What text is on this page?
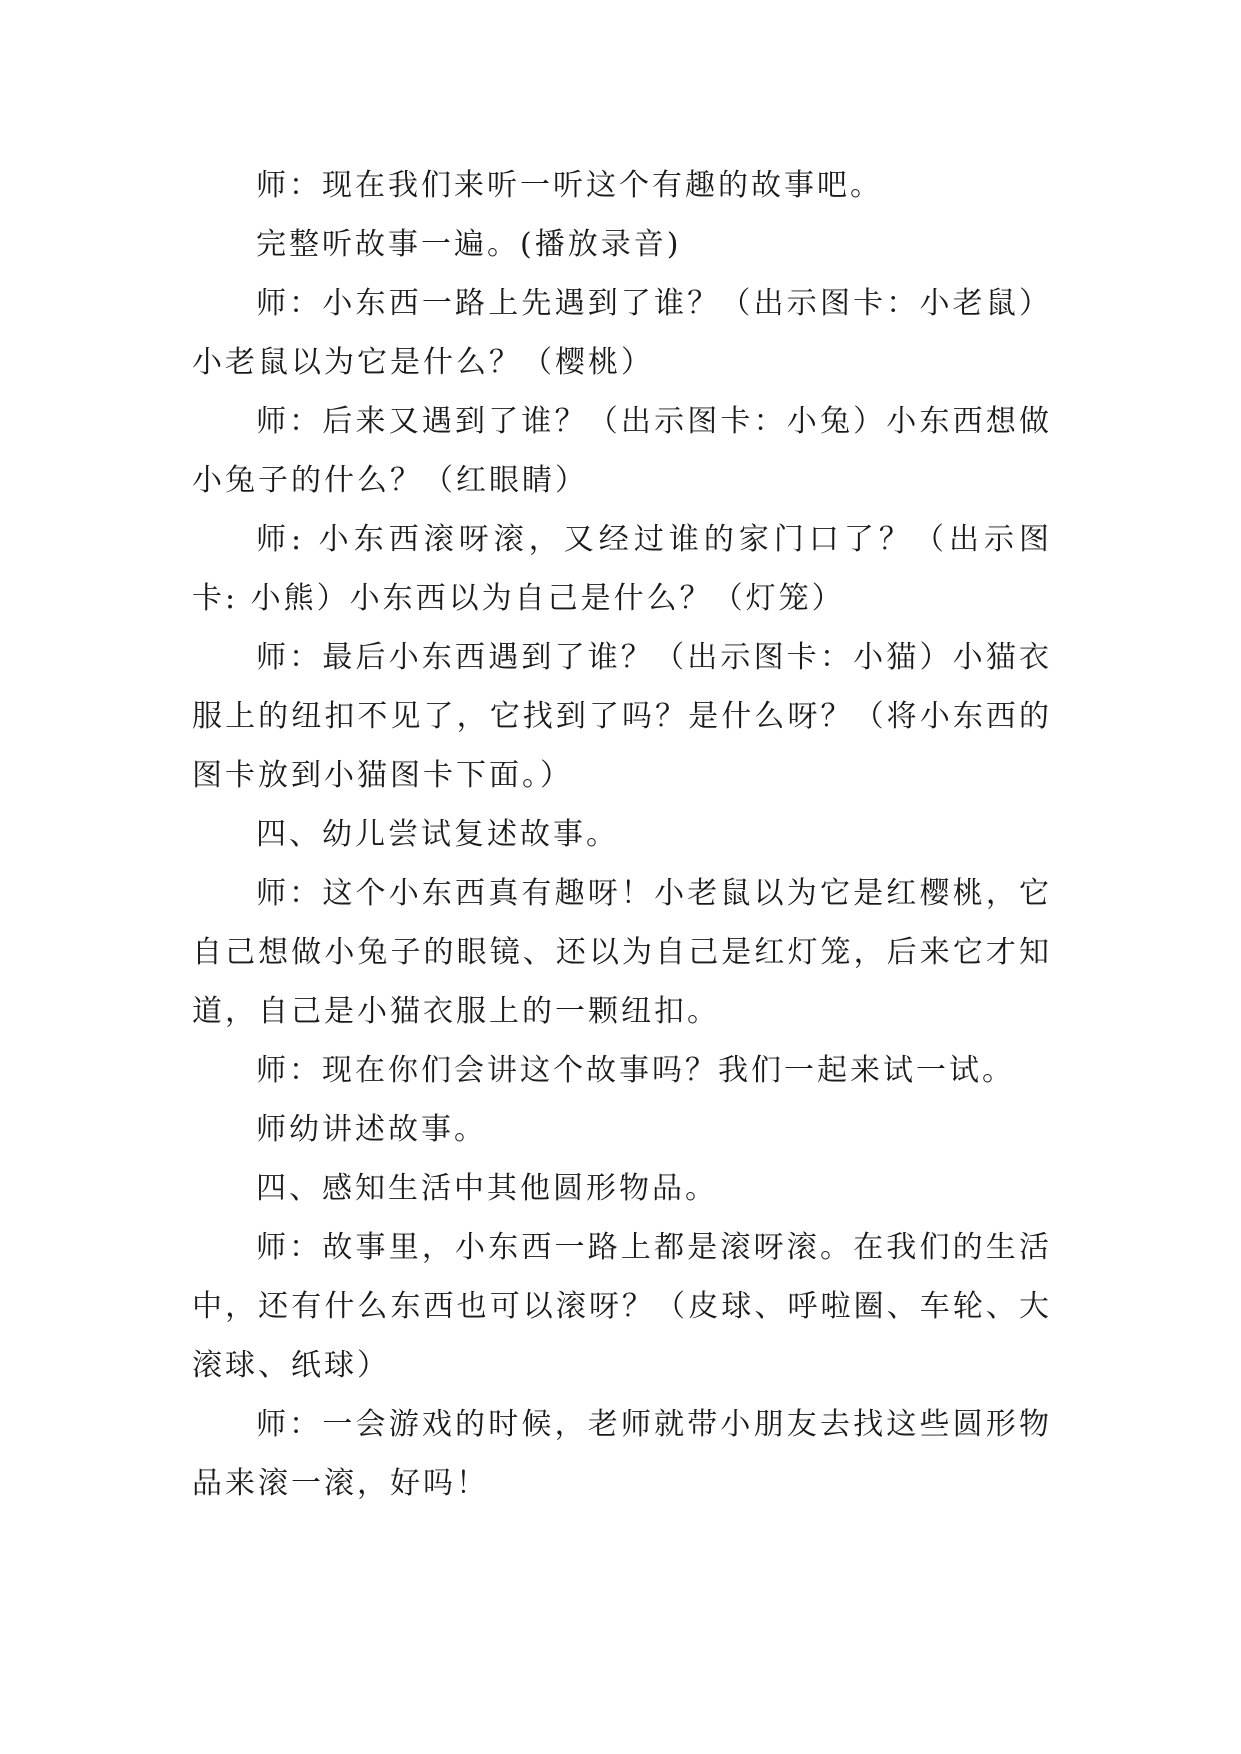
师：现在我们来听一听这个有趣的故事吧。

完整听故事一遍。(播放录音)

师：小东西一路上先遇到了谁？（出示图卡：小老鼠）小老鼠以为它是什么？（樱桃）

师：后来又遇到了谁？（出示图卡：小兔）小东西想做小兔子的什么？（红眼睛）

师: 小东西滚呀滚，又经过谁的家门口了？（出示图卡: 小熊）小东西以为自己是什么？（灯笼）

师：最后小东西遇到了谁？（出示图卡：小猫）小猫衣服上的纽扣不见了，它找到了吗？是什么呀？（将小东西的图卡放到小猫图卡下面。）

四、幼儿尝试复述故事。

师：这个小东西真有趣呀！小老鼠以为它是红樱桃，它自己想做小兔子的眼镜、还以为自己是红灯笼，后来它才知道，自己是小猫衣服上的一颗纽扣。

师：现在你们会讲这个故事吗？我们一起来试一试。

师幼讲述故事。

四、感知生活中其他圆形物品。

师：故事里，小东西一路上都是滚呀滚。在我们的生活中，还有什么东西也可以滚呀？（皮球、呼啦圈、车轮、大滚球、纸球）

师：一会游戏的时候，老师就带小朋友去找这些圆形物品来滚一滚，好吗！
